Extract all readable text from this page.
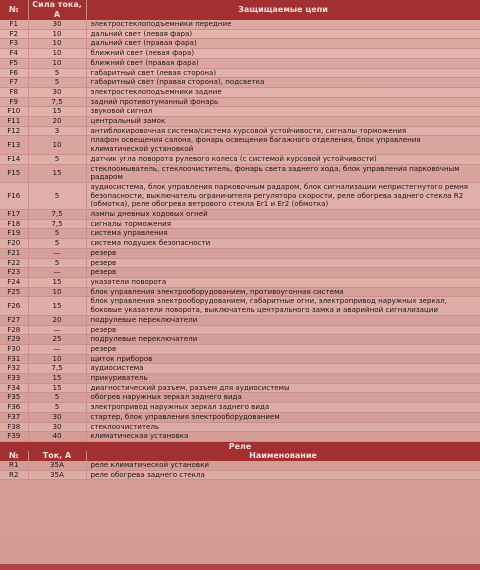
№	Сила тока, А	Защищаемые цепи
F1	30	электростеклоподъемники передние
F2	10	дальний свет (левая фара)
F3	10	дальний свет (правая фара)
F4	10	ближний свет (левая фара)
F5	10	ближний свет (правая фара)
F6	5	габаритный свет (левая сторона)
F7	5	габаритный свет (правая сторона), подсветка
F8	30	электростеклоподъемники задние
F9	7,5	задний противотуманный фонарь
F10	15	звуковой сигнал
F11	20	центральный замок
F12	3	антиблокировочная система/система курсовой устойчивости, сигналы торможения
F13	10	плафон освещения салона, фонарь освещения багажного отделения, блок управления климатической установкой
F14	5	датчик угла поворота рулевого колеса (с системой курсовой устойчивости)
F15	15	стеклоомыватель, стеклоочиститель, фонарь света заднего хода, блок управления парковочным радаром
F16	5	аудиосистема, блок управления парковочным радаром, блок сигнализации непристегнутого ремня безопасности, выключатель ограничителя регулятора скорости, реле обогрева заднего стекла R2 (обмотка), реле обогрева ветрового стекла Er1 и Er2 (обмотка)
F17	7,5	лампы дневных ходовых огней
F18	7,5	сигналы торможения
F19	5	система управления
F20	5	система подушек безопасности
F21	—	резерв
F22	5	резерв
F23	—	резерв
F24	15	указатели поворота
F25	10	блок управления электрооборудованием, противоугонная система
F26	15	блок управления электрооборудованием, габаритные огни, электропривод наружных зеркал, боковые указатели поворота, выключатель центрального замка и аварийной сигнализации
F27	20	подрулевые переключатели
F28	—	резерв
F29	25	подрулевые переключатели
F30	—	резерв
F31	10	щиток приборов
F32	7,5	аудиосистема
F33	15	прикуриватель
F34	15	диагностический разъем, разъем для аудиосистемы
F35	5	обогрев наружных зеркал заднего вида
F36	5	электропривод наружных зеркал заднего вида
F37	30	стартер, блок управления электрооборудованием
F38	30	стеклоочиститель
F39	40	климатическая установка
Реле
№	Ток, А	Наименование
R1	35А	реле климатической установки
R2	35А	реле обогрева заднего стекла
